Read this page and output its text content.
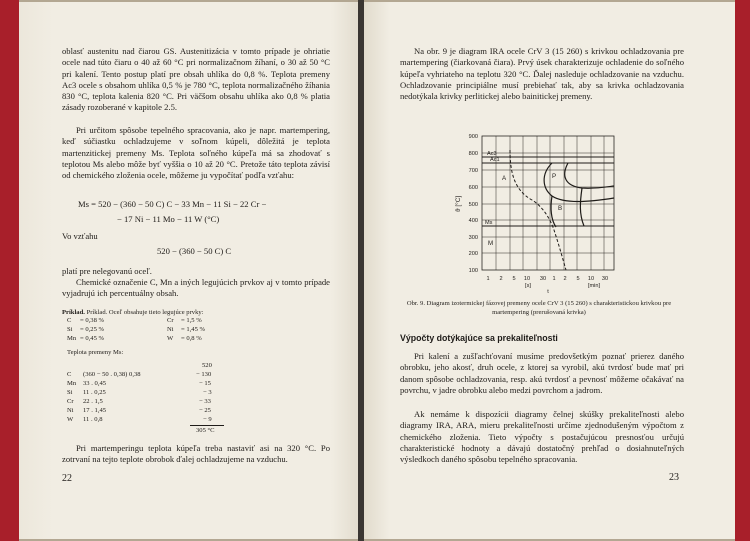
oblasť austenitu nad čiarou GS. Austenitizácia v tomto prípade je ohriatie ocele nad túto čiaru o 40 až 60 °C pri normalizačnom žíhaní, o 30 až 50 °C pri kalení. Tento postup platí pre obsah uhlíka do 0,8 %. Teplota premeny Ac3 ocele s obsahom uhlíka 0,5 % je 780 °C, teplota normalizačného žíhania 830 °C, teplota kalenia 820 °C. Pri väčšom obsahu uhlíka ako 0,8 % platia zásady rozoberané v kapitole 2.5.

Pri určitom spôsobe tepelného spracovania, ako je napr. martempering, keď súčiastku ochladzujeme v soľnom kúpeli, dôležitá je teplota martenzitickej premeny Ms. Teplota soľného kúpeľa má sa zhodovať s teplotou Ms alebo môže byť vyššia o 10 až 20 °C. Pretože táto teplota závisí od chemického zloženia ocele, môžeme ju vypočítať podľa vzťahu:

Ms = 520 − (360 − 50 C) C − 33 Mn − 11 Si − 22 Cr −
− 17 Ni − 11 Mo − 11 W (°C)
Vo vzťahu
520 − (360 − 50 C) C
platí pre nelegovanú oceľ.

Chemické označenie C, Mn a iných legujúcich prvkov aj v tomto prípade vyjadrujú ich percentuálny obsah.

Príklad. Príklad. Oceľ obsahuje tieto legujúce prvky:
C = 0,38 %	Cr = 1,5 %
Si = 0,25 %	Ni = 1,45 %
Mn = 0,45 %	W = 0,8 %
Teplota premeny Ms:
520
C (360 − 50 . 0,38) 0,38	− 130
Mn 33 . 0,45	− 15
Si 11 . 0,25	− 3
Cr 22 . 1,5	− 33
Ni 17 . 1,45	− 25
W 11 . 0,8	− 9
305 °C

Pri martemperingu teplota kúpeľa treba nastaviť asi na 320 °C. Po zotrvaní na tejto teplote obrobok ďalej ochladzujeme na vzduchu.

22

Na obr. 9 je diagram IRA ocele CrV 3 (15 260) s krivkou ochladzovania pre martempering (čiarkovaná čiara). Prvý úsek charakterizuje ochladenie do soľného kúpeľa vyhriateho na teplotu 320 °C. Ďalej nasleduje ochladzovanie na vzduchu. Ochladzovanie principiálne musí prebiehať tak, aby sa krivka ochladzovania nedotýkala krivky perlitickej alebo bainitickej premeny.

900
800
700
600
500
400
300
200
100
ϑ [°C]
1 2 5 10 30 1 2 5 10 30
[s]	[min]
t
Ac3
Ac1
A	P
B
Ms
M
Obr. 9. Diagram izotermickej fázovej premeny ocele CrV 3 (15 260) s charakteristickou krivkou pre martempering (prerušovaná krivka)
Výpočty dotýkajúce sa prekaliteľnosti

Pri kalení a zušľachťovaní musíme predovšetkým poznať prierez daného obrobku, jeho akosť, druh ocele, z ktorej sa vyrobil, akú tvrdosť bude mať pri danom spôsobe ochladzovania, resp. akú tvrdosť a pevnosť môžeme očakávať na povrchu, v jadre obrobku alebo medzi povrchom a jadrom.

Ak nemáme k dispozícii diagramy čelnej skúšky prekaliteľnosti alebo diagramy IRA, ARA, mieru prekaliteľnosti určíme zjednodušeným výpočtom z chemického zloženia. Tieto výpočty s postačujúcou presnosťou určujú charakteristické hodnoty a dávajú dostatočný prehľad o dosiahnuteľných výsledkoch daného spôsobu tepelného spracovania.

23
